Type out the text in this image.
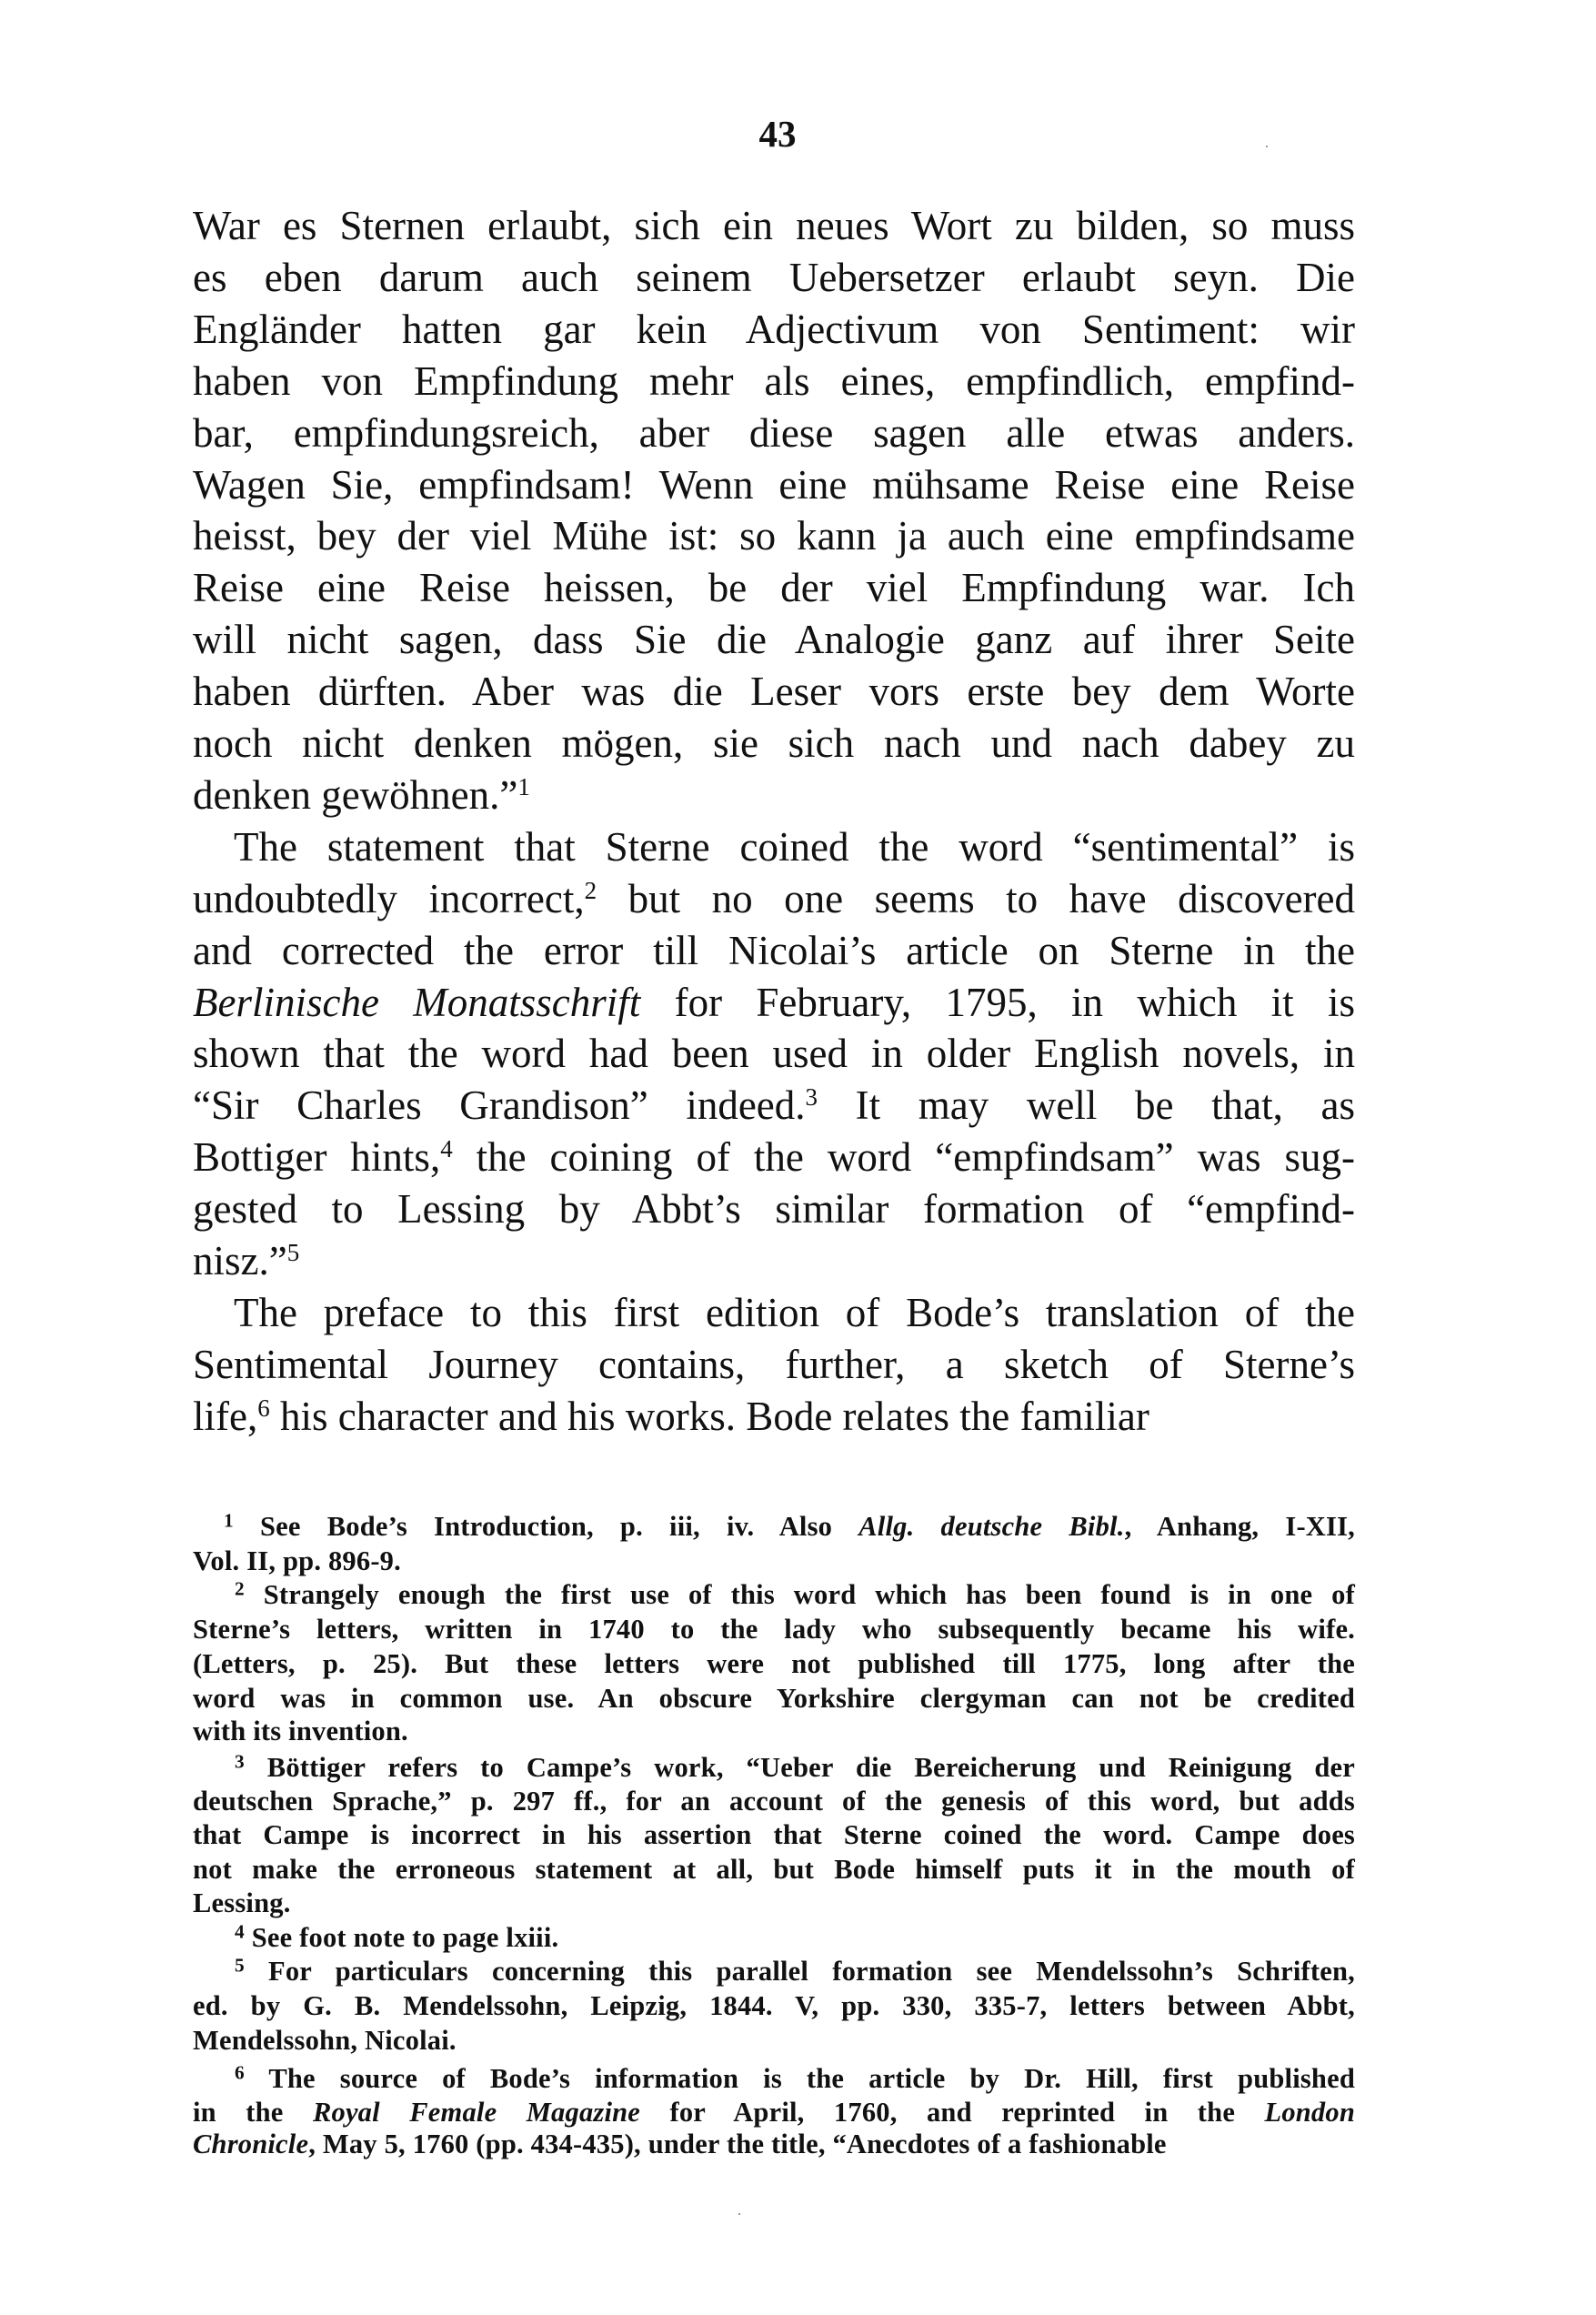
43
War es Sternen erlaubt, sich ein neues Wort zu bilden, so muss
es eben darum auch seinem Uebersetzer erlaubt seyn. Die
Engländer hatten gar kein Adjectivum von Sentiment: wir
haben von Empfindung mehr als eines, empfindlich, empfind-
bar, empfindungsreich, aber diese sagen alle etwas anders.
Wagen Sie, empfindsam! Wenn eine mühsame Reise eine Reise
heisst, bey der viel Mühe ist: so kann ja auch eine empfindsame
Reise eine Reise heissen, be der viel Empfindung war. Ich
will nicht sagen, dass Sie die Analogie ganz auf ihrer Seite
haben dürften. Aber was die Leser vors erste bey dem Worte
noch nicht denken mögen, sie sich nach und nach dabey zu
denken gewöhnen.”$^1$
The statement that Sterne coined the word “sentimental” is
undoubtedly incorrect,$^2$ but no one seems to have discovered
and corrected the error till Nicolai’s article on Sterne in the
Berlinische Monatsschrift for February, 1795, in which it is
shown that the word had been used in older English novels, in
“Sir Charles Grandison” indeed.$^3$ It may well be that, as
Bottiger hints,$^4$ the coining of the word “empfindsam” was sug-
gested to Lessing by Abbt’s similar formation of “empfind-
nisz.”$^5$
The preface to this first edition of Bode’s translation of the
Sentimental Journey contains, further, a sketch of Sterne’s
life,$^6$ his character and his works. Bode relates the familiar
$^1$ See Bode’s Introduction, p. iii, iv. Also Allg. deutsche Bibl., Anhang, I-XII,
Vol. II, pp. 896-9.
$^2$ Strangely enough the first use of this word which has been found is in one of
Sterne’s letters, written in 1740 to the lady who subsequently became his wife.
(Letters, p. 25). But these letters were not published till 1775, long after the
word was in common use. An obscure Yorkshire clergyman can not be credited
with its invention.
$^3$ Böttiger refers to Campe’s work, “Ueber die Bereicherung und Reinigung der
deutschen Sprache,” p. 297 ff., for an account of the genesis of this word, but adds
that Campe is incorrect in his assertion that Sterne coined the word. Campe does
not make the erroneous statement at all, but Bode himself puts it in the mouth of
Lessing.
$^4$ See foot note to page lxiii.
$^5$ For particulars concerning this parallel formation see Mendelssohn’s Schriften,
ed. by G. B. Mendelssohn, Leipzig, 1844. V, pp. 330, 335-7, letters between Abbt,
Mendelssohn, Nicolai.
$^6$ The source of Bode’s information is the article by Dr. Hill, first published
in the Royal Female Magazine for April, 1760, and reprinted in the London
Chronicle, May 5, 1760 (pp. 434-435), under the title, “Anecdotes of a fashionable
